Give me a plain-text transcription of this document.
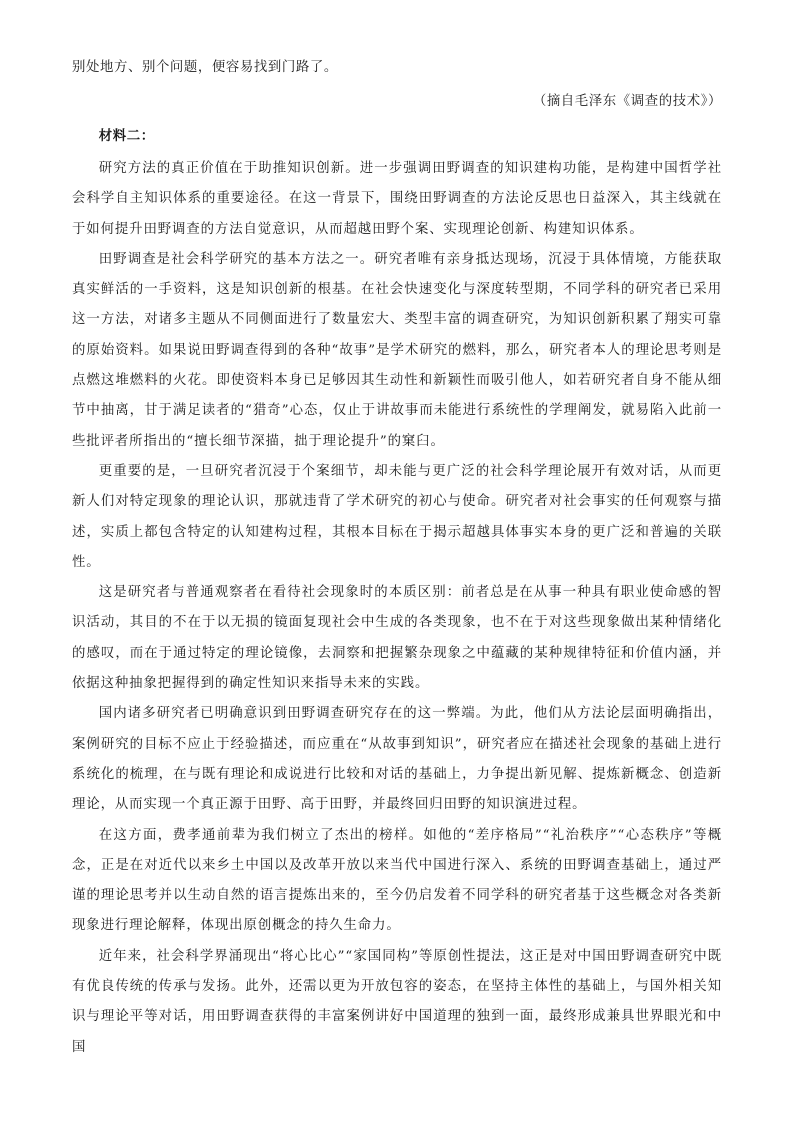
别处地方、别个问题，便容易找到门路了。

（摘自毛泽东《调查的技术》）

材料二：

研究方法的真正价值在于助推知识创新。进一步强调田野调查的知识建构功能，是构建中国哲学社会科学自主知识体系的重要途径。在这一背景下，围绕田野调查的方法论反思也日益深入，其主线就在于如何提升田野调查的方法自觉意识，从而超越田野个案、实现理论创新、构建知识体系。

田野调查是社会科学研究的基本方法之一。研究者唯有亲身抵达现场，沉浸于具体情境，方能获取真实鲜活的一手资料，这是知识创新的根基。在社会快速变化与深度转型期，不同学科的研究者已采用这一方法，对诸多主题从不同侧面进行了数量宏大、类型丰富的调查研究，为知识创新积累了翔实可靠的原始资料。如果说田野调查得到的各种“故事”是学术研究的燃料，那么，研究者本人的理论思考则是点燃这堆燃料的火花。即使资料本身已足够因其生动性和新颖性而吸引他人，如若研究者自身不能从细节中抽离，甘于满足读者的“猎奇”心态，仅止于讲故事而未能进行系统性的学理阐发，就易陷入此前一些批评者所指出的“擅长细节深描，拙于理论提升”的窠臼。

更重要的是，一旦研究者沉浸于个案细节，却未能与更广泛的社会科学理论展开有效对话，从而更新人们对特定现象的理论认识，那就违背了学术研究的初心与使命。研究者对社会事实的任何观察与描述，实质上都包含特定的认知建构过程，其根本目标在于揭示超越具体事实本身的更广泛和普遍的关联性。

这是研究者与普通观察者在看待社会现象时的本质区别：前者总是在从事一种具有职业使命感的智识活动，其目的不在于以无损的镜面复现社会中生成的各类现象，也不在于对这些现象做出某种情绪化的感叹，而在于通过特定的理论镜像，去洞察和把握繁杂现象之中蕴藏的某种规律特征和价值内涵，并依据这种抽象把握得到的确定性知识来指导未来的实践。

国内诸多研究者已明确意识到田野调查研究存在的这一弊端。为此，他们从方法论层面明确指出，案例研究的目标不应止于经验描述，而应重在“从故事到知识”，研究者应在描述社会现象的基础上进行系统化的梳理，在与既有理论和成说进行比较和对话的基础上，力争提出新见解、提炼新概念、创造新理论，从而实现一个真正源于田野、高于田野，并最终回归田野的知识演进过程。

在这方面，费孝通前辈为我们树立了杰出的榜样。如他的“差序格局”“礼治秩序”“心态秩序”等概念，正是在对近代以来乡土中国以及改革开放以来当代中国进行深入、系统的田野调查基础上，通过严谨的理论思考并以生动自然的语言提炼出来的，至今仍启发着不同学科的研究者基于这些概念对各类新现象进行理论解释，体现出原创概念的持久生命力。

近年来，社会科学界涌现出“将心比心”“家国同构”等原创性提法，这正是对中国田野调查研究中既有优良传统的传承与发扬。此外，还需以更为开放包容的姿态，在坚持主体性的基础上，与国外相关知识与理论平等对话，用田野调查获得的丰富案例讲好中国道理的独到一面，最终形成兼具世界眼光和中国
